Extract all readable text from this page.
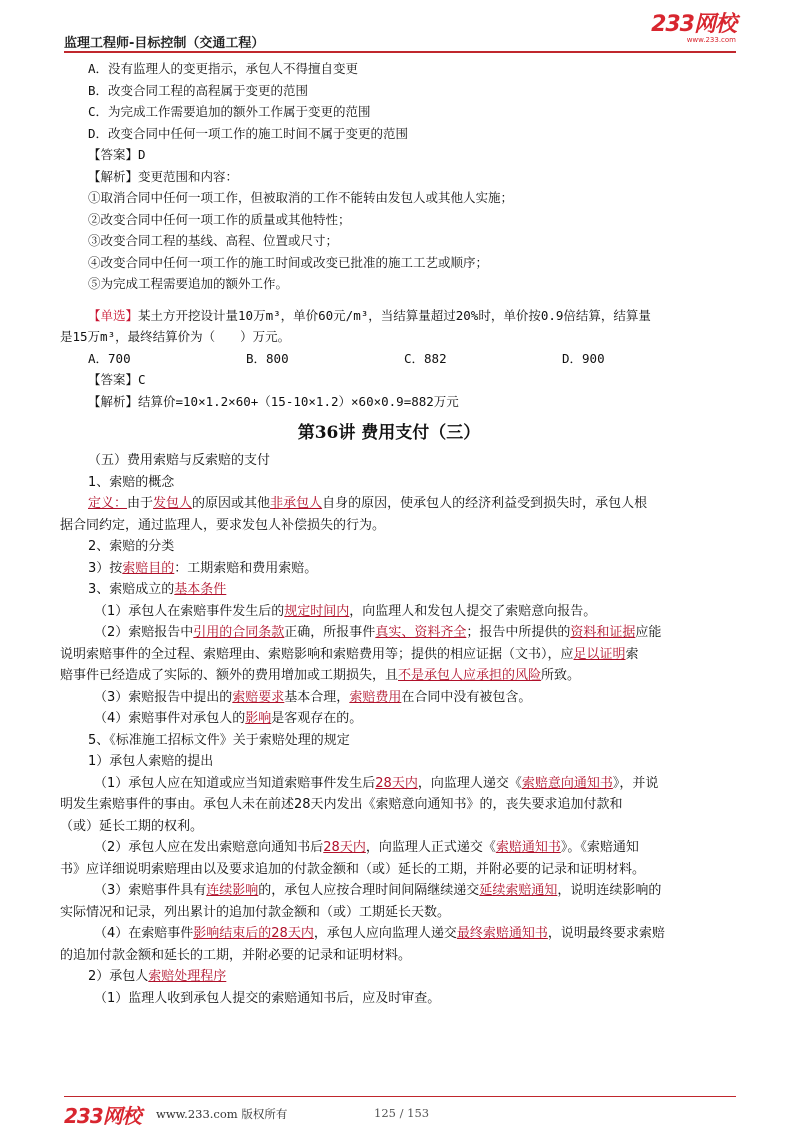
监理工程师-目标控制（交通工程）
233网校
www.233.com
A．没有监理人的变更指示，承包人不得擅自变更
B．改变合同工程的高程属于变更的范围
C．为完成工作需要追加的额外工作属于变更的范围
D．改变合同中任何一项工作的施工时间不属于变更的范围
【答案】D
【解析】变更范围和内容：
①取消合同中任何一项工作，但被取消的工作不能转由发包人或其他人实施；
②改变合同中任何一项工作的质量或其他特性；
③改变合同工程的基线、高程、位置或尺寸；
④改变合同中任何一项工作的施工时间或改变已批准的施工工艺或顺序；
⑤为完成工程需要追加的额外工作。
【单选】某土方开挖设计量10万m³，单价60元/m³，当结算量超过20%时，单价按0.9倍结算，结算量
是15万m³，最终结算价为（　　）万元。
A．700	B．800	C．882	D．900
【答案】C
【解析】结算价=10×1.2×60+（15-10×1.2）×60×0.9=882万元
第36讲 费用支付（三）
（五）费用索赔与反索赔的支付
1、索赔的概念
定义：由于发包人的原因或其他非承包人自身的原因，使承包人的经济利益受到损失时，承包人根
据合同约定，通过监理人，要求发包人补偿损失的行为。
2、索赔的分类
3）按索赔目的：工期索赔和费用索赔。
3、索赔成立的基本条件
（1）承包人在索赔事件发生后的规定时间内，向监理人和发包人提交了索赔意向报告。
（2）索赔报告中引用的合同条款正确，所报事件真实、资料齐全；报告中所提供的资料和证据应能
说明索赔事件的全过程、索赔理由、索赔影响和索赔费用等；提供的相应证据（文书），应足以证明索
赔事件已经造成了实际的、额外的费用增加或工期损失，且不是承包人应承担的风险所致。
（3）索赔报告中提出的索赔要求基本合理，索赔费用在合同中没有被包含。
（4）索赔事件对承包人的影响是客观存在的。
5、《标准施工招标文件》关于索赔处理的规定
1）承包人索赔的提出
（1）承包人应在知道或应当知道索赔事件发生后28天内，向监理人递交《索赔意向通知书》，并说
明发生索赔事件的事由。承包人未在前述28天内发出《索赔意向通知书》的，丧失要求追加付款和
（或）延长工期的权利。
（2）承包人应在发出索赔意向通知书后28天内，向监理人正式递交《索赔通知书》。《索赔通知
书》应详细说明索赔理由以及要求追加的付款金额和（或）延长的工期，并附必要的记录和证明材料。
（3）索赔事件具有连续影响的，承包人应按合理时间间隔继续递交延续索赔通知，说明连续影响的
实际情况和记录，列出累计的追加付款金额和（或）工期延长天数。
（4）在索赔事件影响结束后的28天内，承包人应向监理人递交最终索赔通知书，说明最终要求索赔
的追加付款金额和延长的工期，并附必要的记录和证明材料。
2）承包人索赔处理程序
（1）监理人收到承包人提交的索赔通知书后，应及时审查。
233网校 www.233.com 版权所有	125 / 153
